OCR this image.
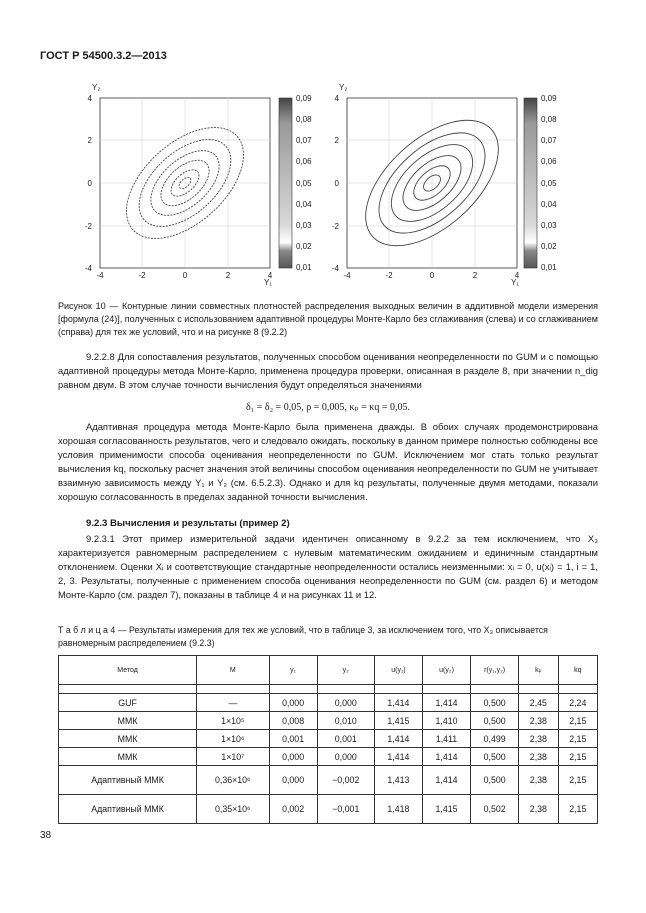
ГОСТ Р 54500.3.2—2013
Y₂
Y₁
4
2
0
-2
-4
-4	-2	0	2	4
0,09
0,08
0,07
0,06
0,05
0,04
0,03
0,02
0,01
Y₂
Y₁
4
2
0
-2
-4
-4	-2	0	2	4
0,09
0,08
0,07
0,06
0,05
0,04
0,03
0,02
0,01
Рисунок 10 — Контурные линии совместных плотностей распределения выходных величин в аддитивной модели измерения [формула (24)], полученных с использованием адаптивной процедуры Монте-Карло без сглаживания (слева) и со сглаживанием (справа) для тех же условий, что и на рисунке 8 (9.2.2)
9.2.2.8 Для сопоставления результатов, полученных способом оценивания неопределенности по GUM и с помощью адаптивной процедуры метода Монте-Карло, применена процедура проверки, описанная в разделе 8, при значении n_dig равном двум. В этом случае точности вычисления будут определяться значениями
δ₁ = δ₂ = 0,05, ρ = 0,005, κₚ = κq = 0,05.
Адаптивная процедура метода Монте-Карло была применена дважды. В обоих случаях продемонстрирована хорошая согласованность результатов, чего и следовало ожидать, поскольку в данном примере полностью соблюдены все условия применимости способа оценивания неопределенности по GUM. Исключением мог стать только результат вычисления kq, поскольку расчет значения этой величины способом оценивания неопределенности по GUM не учитывает взаимную зависимость между Y₁ и Y₂ (см. 6.5.2.3). Однако и для kq результаты, полученные двумя методами, показали хорошую согласованность в пределах заданной точности вычисления.
9.2.3 Вычисления и результаты (пример 2)
9.2.3.1 Этот пример измерительной задачи идентичен описанному в 9.2.2 за тем исключением, что X₃ характеризуется равномерным распределением с нулевым математическим ожиданием и единичным стандартным отклонением. Оценки Xᵢ и соответствующие стандартные неопределенности остались неизменными: xᵢ = 0, u(xᵢ) = 1, i = 1, 2, 3. Результаты, полученные с применением способа оценивания неопределенности по GUM (см. раздел 6) и методом Монте-Карло (см. раздел 7), показаны в таблице 4 и на рисунках 11 и 12.
Т а б л и ц а 4 — Результаты измерения для тех же условий, что в таблице 3, за исключением того, что X₃ описывается равномерным распределением (9.2.3)
Метод	M	y₁	y₂	u(y₁)	u(y₂)	r(y₁,y₂)	kₚ	kq

GUF	—	0,000	0,000	1,414	1,414	0,500	2,45	2,24
ММК	1×10⁵	0,008	0,010	1,415	1,410	0,500	2,38	2,15
ММК	1×10⁶	0,001	0,001	1,414	1,411	0,499	2,38	2,15
ММК	1×10⁷	0,000	0,000	1,414	1,414	0,500	2,38	2,15
Адаптивный ММК	0,36×10⁶	0,000	−0,002	1,413	1,414	0,500	2,38	2,15
Адаптивный ММК	0,35×10⁶	0,002	−0,001	1,418	1,415	0,502	2,38	2,15
38
